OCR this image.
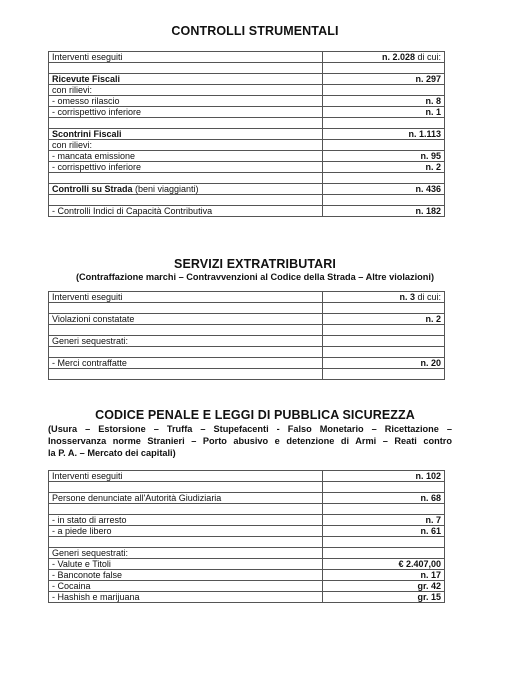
CONTROLLI STRUMENTALI
Interventi eseguiti	n. 2.028 di cui:

Ricevute Fiscali	n. 297
con rilievi:	
- omesso rilascio	n. 8
- corrispettivo inferiore	n. 1

Scontrini Fiscali	n. 1.113
con rilievi:	
- mancata emissione	n. 95
- corrispettivo inferiore	n. 2

Controlli su Strada (beni viaggianti)	n. 436

- Controlli Indici di Capacità Contributiva	n. 182
SERVIZI EXTRATRIBUTARI
(Contraffazione marchi – Contravvenzioni al Codice della Strada – Altre violazioni)
Interventi eseguiti	n. 3 di cui:

Violazioni constatate	n. 2

Generi sequestrati:	

- Merci contraffatte	n. 20

CODICE PENALE E LEGGI DI PUBBLICA SICUREZZA
(Usura – Estorsione – Truffa – Stupefacenti - Falso Monetario – Ricettazione –
Inosservanza norme Stranieri – Porto abusivo e detenzione di Armi – Reati contro
la P. A. – Mercato dei capitali)
Interventi eseguiti	n. 102

Persone denunciate all'Autorità Giudiziaria	n. 68

- in stato di arresto	n. 7
- a piede libero	n. 61

Generi sequestrati:	
- Valute e Titoli	€ 2.407,00
- Banconote false	n. 17
- Cocaina	gr. 42
- Hashish e marijuana	gr. 15
